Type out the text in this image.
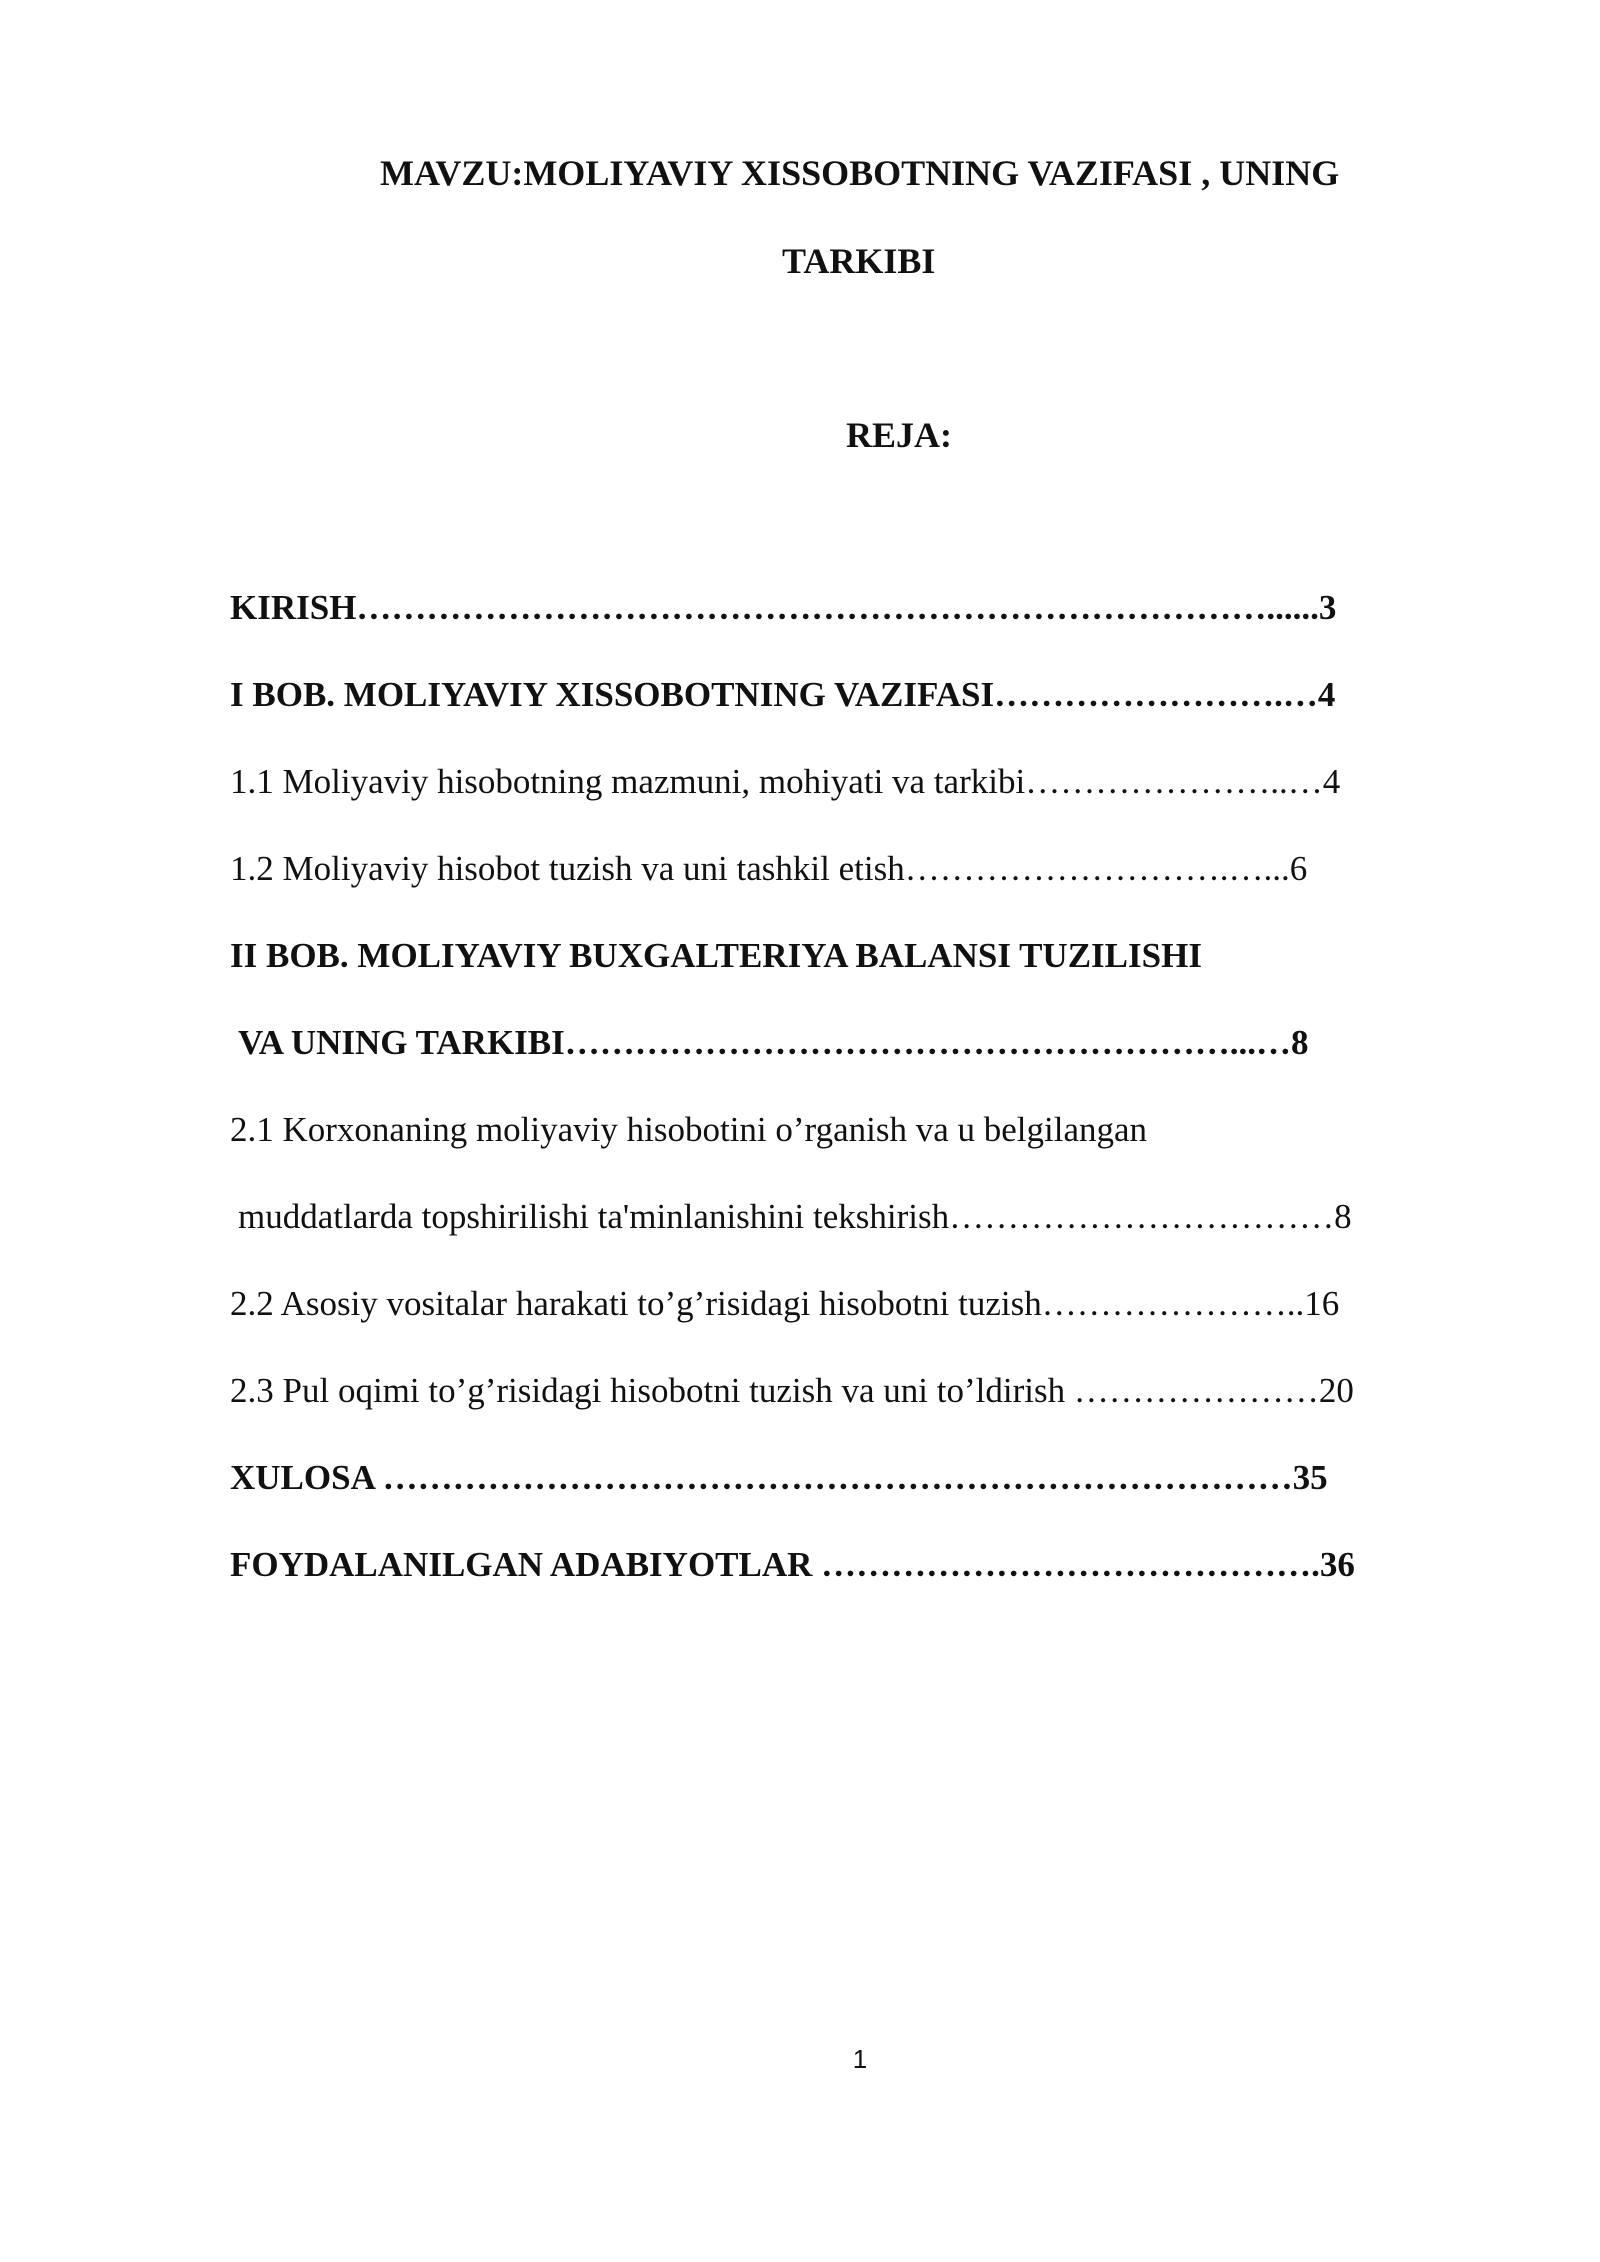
MAVZU:MOLIYAVIY XISSOBOTNING VAZIFASI , UNING
TARKIBI
REJA:
KIRISH……………………………………………………………………......3
I BOB. MOLIYAVIY XISSOBOTNING VAZIFASI…………………….…4
1.1 Moliyaviy hisobotning mazmuni, mohiyati va tarkibi…………………..…4
1.2 Moliyaviy hisobot tuzish va uni tashkil etish……………………….…...6
II BOB. MOLIYAVIY BUXGALTERIYA BALANSI TUZILISHI
VA UNING TARKIBI…………………………………………………...…8
2.1 Korxonaning moliyaviy hisobotini o’rganish va u belgilangan
muddatlarda topshirilishi ta'minlanishini tekshirish……………………………8
2.2 Asosiy vositalar harakati to’g’risidagi hisobotni tuzish…………………..16
2.3 Pul oqimi to’g’risidagi hisobotni tuzish va uni to’ldirish …………………20
XULOSA ……………………………………………………………………35
FOYDALANILGAN ADABIYOTLAR …………………………………….36
1
